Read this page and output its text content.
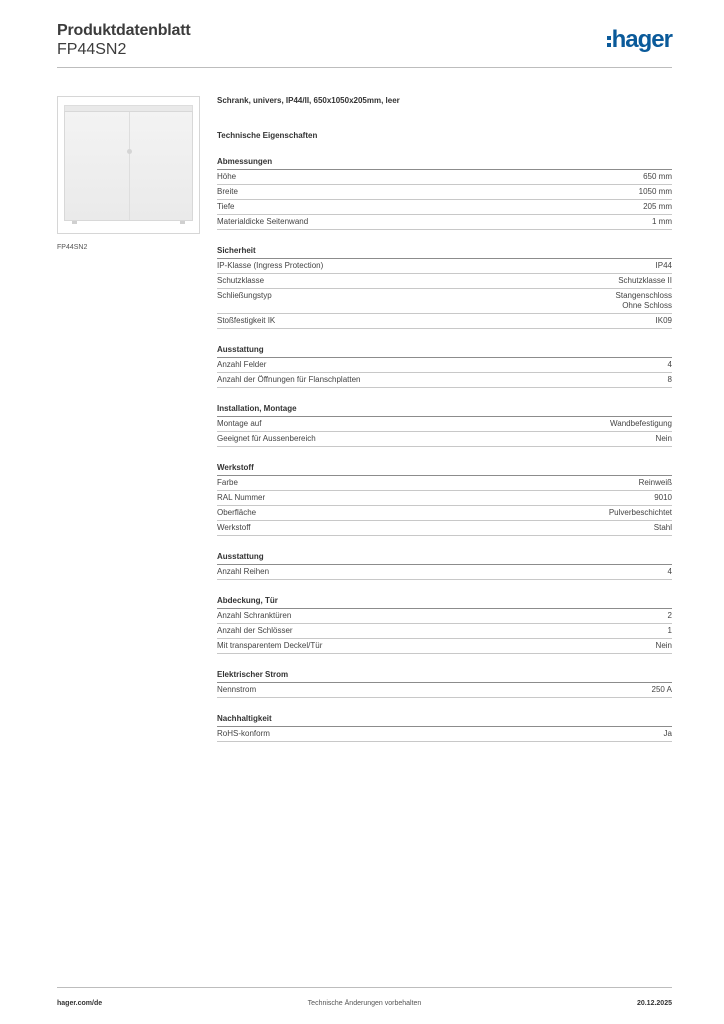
Produktdatenblatt
FP44SN2	hager
FP44SN2
Schrank, univers, IP44/II, 650x1050x205mm, leer
Technische Eigenschaften
Abmessungen
Höhe	650 mm
Breite	1050 mm
Tiefe	205 mm
Materialdicke Seitenwand	1 mm
Sicherheit
IP-Klasse (Ingress Protection)	IP44
Schutzklasse	Schutzklasse II
Schließungstyp	Stangenschloss
Ohne Schloss
Stoßfestigkeit IK	IK09
Ausstattung
Anzahl Felder	4
Anzahl der Öffnungen für Flanschplatten	8
Installation, Montage
Montage auf	Wandbefestigung
Geeignet für Aussenbereich	Nein
Werkstoff
Farbe	Reinweiß
RAL Nummer	9010
Oberfläche	Pulverbeschichtet
Werkstoff	Stahl
Ausstattung
Anzahl Reihen	4
Abdeckung, Tür
Anzahl Schranktüren	2
Anzahl der Schlösser	1
Mit transparentem Deckel/Tür	Nein
Elektrischer Strom
Nennstrom	250 A
Nachhaltigkeit
RoHS-konform	Ja
hager.com/de	Technische Änderungen vorbehalten	20.12.2025
